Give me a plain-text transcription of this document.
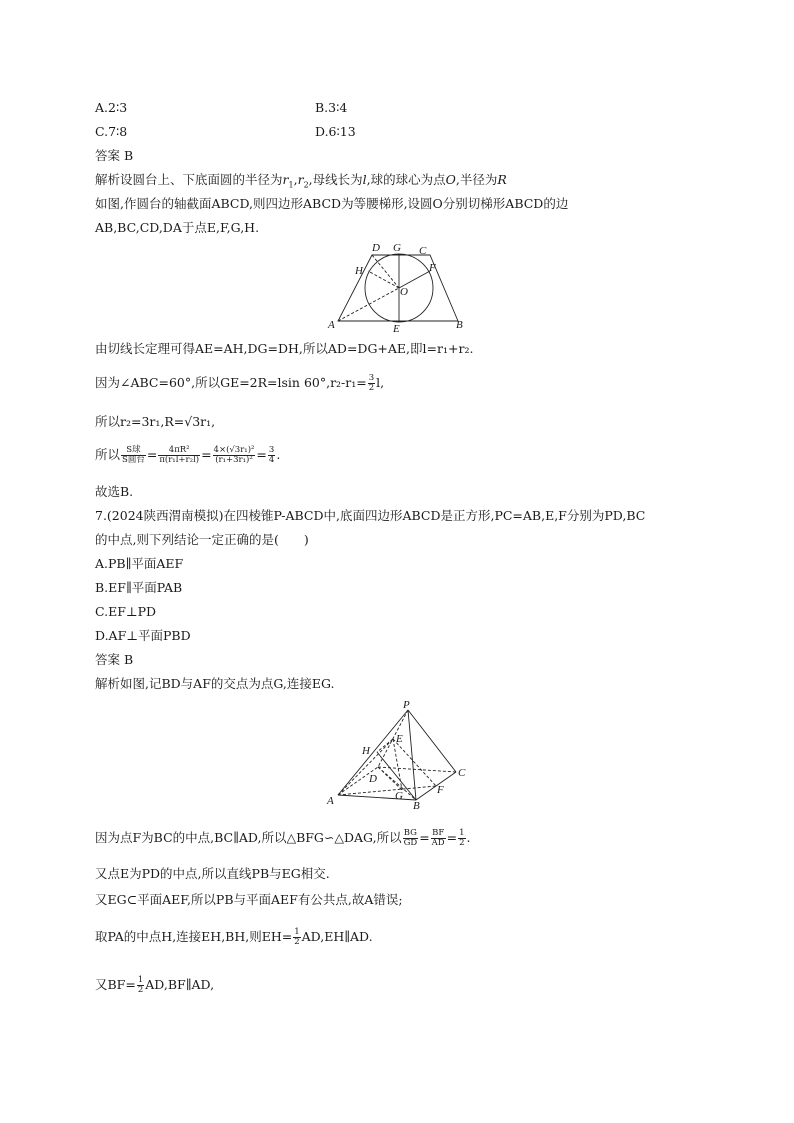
A.2∶3	B.3∶4
C.7∶8	D.6∶13
答案 B
解析设圆台上、下底面圆的半径为$r_1,r_2$,母线长为l,球的球心为点O,半径为R
如图,作圆台的轴截面ABCD,则四边形ABCD为等腰梯形,设圆O分别切梯形ABCD的边
AB,BC,CD,DA于点E,F,G,H.
D G C
H	F
O
A	E	B
由切线长定理可得AE=AH,DG=DH,所以AD=DG+AE,即l=r₁+r₂.
因为∠ABC=60°,所以GE=2R=lsin $60^\circ,r_2-r_1= \frac{3}{2} l$,
所以r₂=3r₁,R=√3r₁,
所以 $\frac{\text{S球}}{\text{S圆台}} = \frac{\text{4πR²}}{\text{π(r₁l+r₂l)}} = \frac{\text{4×(√3r₁)²}}{\text{(r₁+3r₁)²}} = \frac{3}{4}$ .
故选B.
7.(2024陕西渭南模拟)在四棱锥P-ABCD中,底面四边形ABCD是正方形,PC=AB,E,F分别为PD,BC
的中点,则下列结论一定正确的是(　　)
A.PB∥平面AEF
B.EF∥平面PAB
C.EF⊥PD
D.AF⊥平面PBD
答案 B
解析如图,记BD与AF的交点为点G,连接EG.
P
E
H
D	C
G	F
A	B
因为点F为BC的中点,BC∥AD,所以△BFG∽△DAG,所以 $\frac{BG}{GD} = \frac{BF}{AD} = \frac{1}{2}$ .
又点E为PD的中点,所以直线PB与EG相交.
又EG⊂平面AEF,所以PB与平面AEF有公共点,故A错误;
取PA的中点H,连接EH,BH,则$EH= \frac{1}{2}$ AD,EH∥AD.
又$BF= \frac{1}{2}$ AD,BF∥AD,
